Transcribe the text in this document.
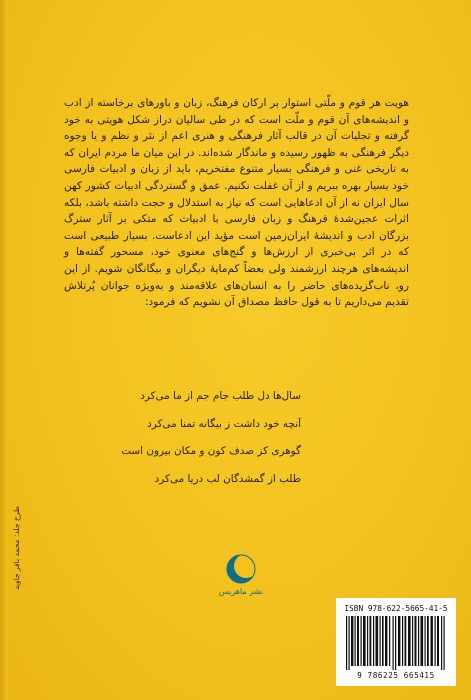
هویت هر قوم و ملّتی استوار بر ارکان فرهنگ، زبان و باورهای برخاسته از ادب و اندیشه‌های آن قوم و ملّت است که در طی سالیان دراز شکل هویتی به خود گرفته و تجلیات آن در قالب آثار فرهنگی و هنری اعم از نثر و نظم و یا وجوه دیگر فرهنگی به ظهور رسیده و ماندگار شده‌اند. در این میان ما مردم ایران که به تاریخی غنی و فرهنگی بسیار متنوع مفتخریم، باید از زبان و ادبیات فارسی خود بسیار بهره ببریم و از آن غفلت نکنیم. عمق و گستردگی ادبیات کشور کهن سال ایران نه از آن ادعاهایی است که نیاز به استدلال و حجت داشته باشد، بلکه اثرات عجین‌شدهٔ فرهنگ و زبان فارسی با ادبیات که متکی بر آثار سترگ بزرگان ادب و اندیشهٔ ایران‌زمین است مؤید این ادعاست. بسیار طبیعی است که در اثر بی‌خبری از ارزش‌ها و گنج‌های معنوی خود، مسحور گفته‌ها و اندیشه‌های هرچند ارزشمند ولی بعضاً کم‌مایهٔ دیگران و بیگانگان شویم. از این رو، ناب‌گزیده‌های حاضر را به انسان‌های علاقه‌مند و به‌ویژه جوانان پُرتلاش تقدیم می‌داریم تا به قول حافظ مصداق آن نشویم که فرمود:

سال‌ها دل طلب جام جم از ما می‌کرد
آنچه خود داشت ز بیگانه تمنا می‌کرد
گوهری کز صدف کون و مکان بیرون است
طلب از گمشدگان لب دریا می‌کرد
نشر ماهریس
طرح جلد: محمد باقر جاوید
ISBN 978-622-5665-41-5
9 786225 665415
